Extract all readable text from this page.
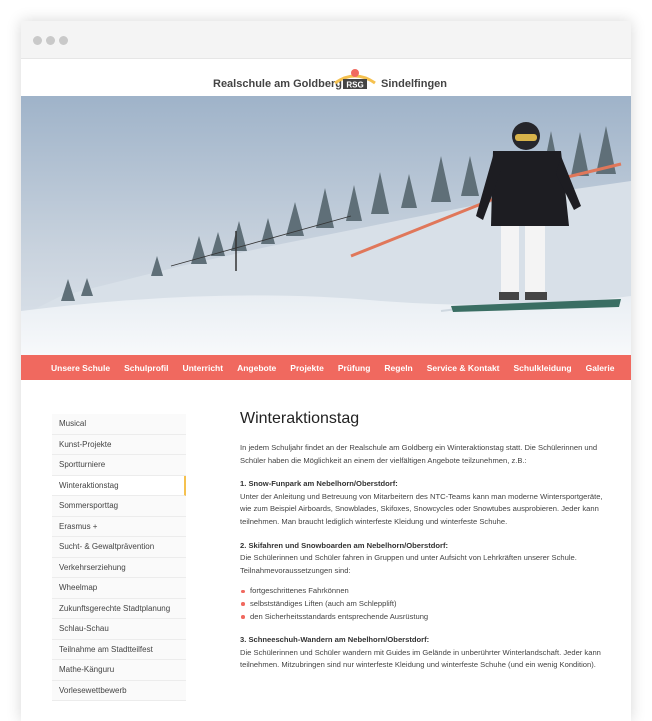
Realschule am Goldberg RSG Sindelfingen
Unsere Schule Schulprofil Unterricht Angebote Projekte Prüfung Regeln Service & Kontakt Schulkleidung Galerie
Musical
Kunst-Projekte
Sportturniere
Winteraktionstag
Sommersporttag
Erasmus +
Sucht- & Gewaltprävention
Verkehrserziehung
Wheelmap
Zukunftsgerechte Stadtplanung
Schlau-Schau
Teilnahme am Stadtteilfest
Mathe-Känguru
Vorlesewettbewerb
Winteraktionstag

In jedem Schuljahr findet an der Realschule am Goldberg ein Winteraktionstag statt. Die Schülerinnen und Schüler haben die Möglichkeit an einem der vielfältigen Angebote teilzunehmen, z.B.:

1. Snow-Funpark am Nebelhorn/Oberstdorf:
Unter der Anleitung und Betreuung von Mitarbeitern des NTC-Teams kann man moderne Wintersportgeräte, wie zum Beispiel Airboards, Snowblades, Skifoxes, Snowcycles oder Snowtubes ausprobieren. Jeder kann teilnehmen. Man braucht lediglich winterfeste Kleidung und winterfeste Schuhe.

2. Skifahren und Snowboarden am Nebelhorn/Oberstdorf:
Die Schülerinnen und Schüler fahren in Gruppen und unter Aufsicht von Lehrkräften unserer Schule. Teilnahmevoraussetzungen sind:

fortgeschrittenes Fahrkönnen
selbstständiges Liften (auch am Schlepplift)
den Sicherheitsstandards entsprechende Ausrüstung

3. Schneeschuh-Wandern am Nebelhorn/Oberstdorf:
Die Schülerinnen und Schüler wandern mit Guides im Gelände in unberührter Winterlandschaft. Jeder kann teilnehmen. Mitzubringen sind nur winterfeste Kleidung und winterfeste Schuhe (und ein wenig Kondition).
